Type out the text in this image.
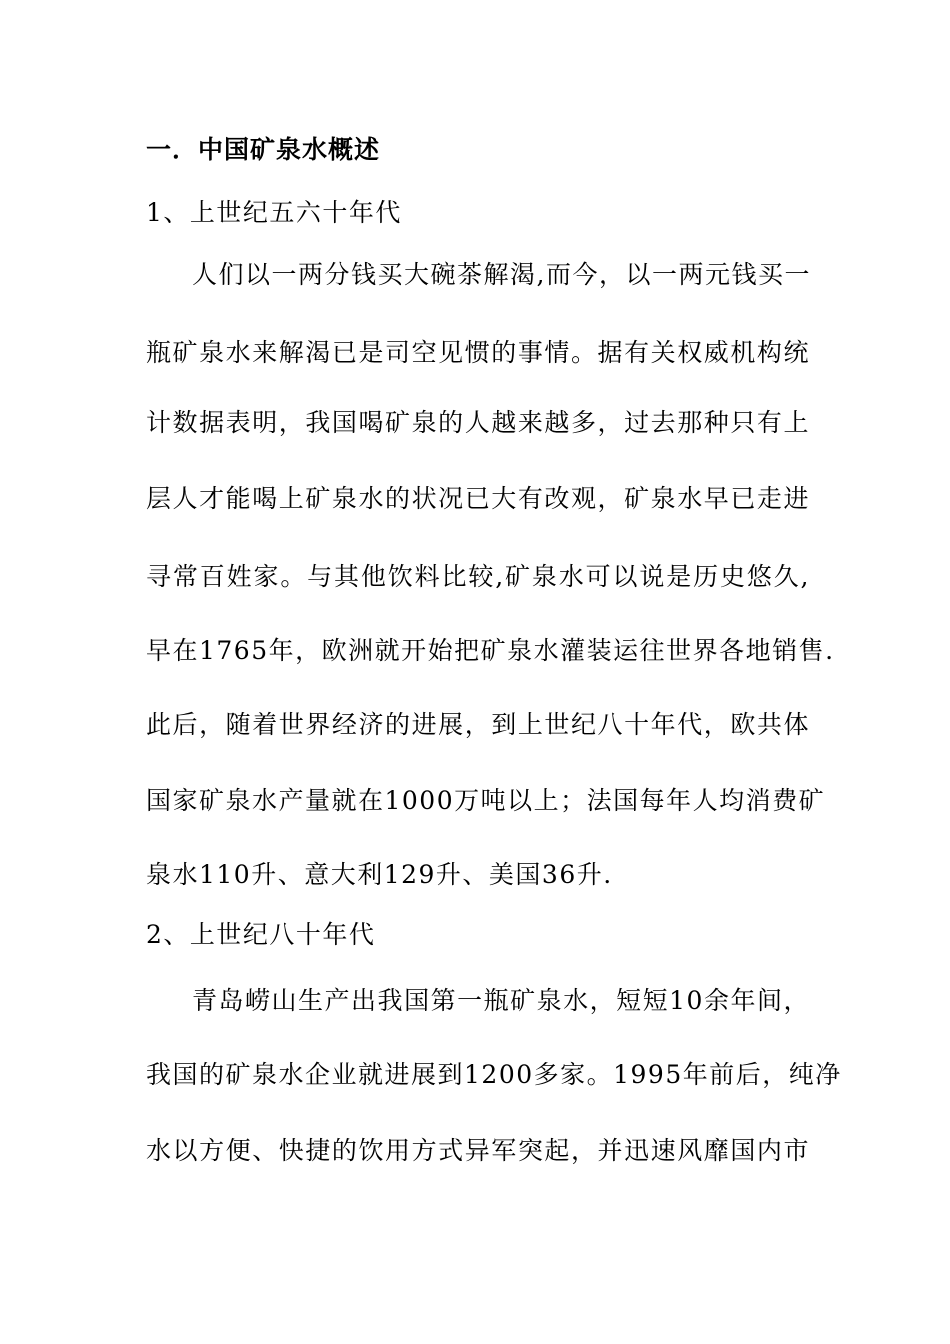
一．中国矿泉水概述
1、上世纪五六十年代
人们以一两分钱买大碗茶解渴,而今，以一两元钱买一
瓶矿泉水来解渴已是司空见惯的事情。据有关权威机构统
计数据表明，我国喝矿泉的人越来越多，过去那种只有上
层人才能喝上矿泉水的状况已大有改观，矿泉水早已走进
寻常百姓家。与其他饮料比较,矿泉水可以说是历史悠久,
早在1765年，欧洲就开始把矿泉水灌装运往世界各地销售.
此后，随着世界经济的进展，到上世纪八十年代，欧共体
国家矿泉水产量就在1000万吨以上；法国每年人均消费矿
泉水110升、意大利129升、美国36升.
2、上世纪八十年代
青岛崂山生产出我国第一瓶矿泉水，短短10余年间，
我国的矿泉水企业就进展到1200多家。1995年前后，纯净
水以方便、快捷的饮用方式异军突起，并迅速风靡国内市
